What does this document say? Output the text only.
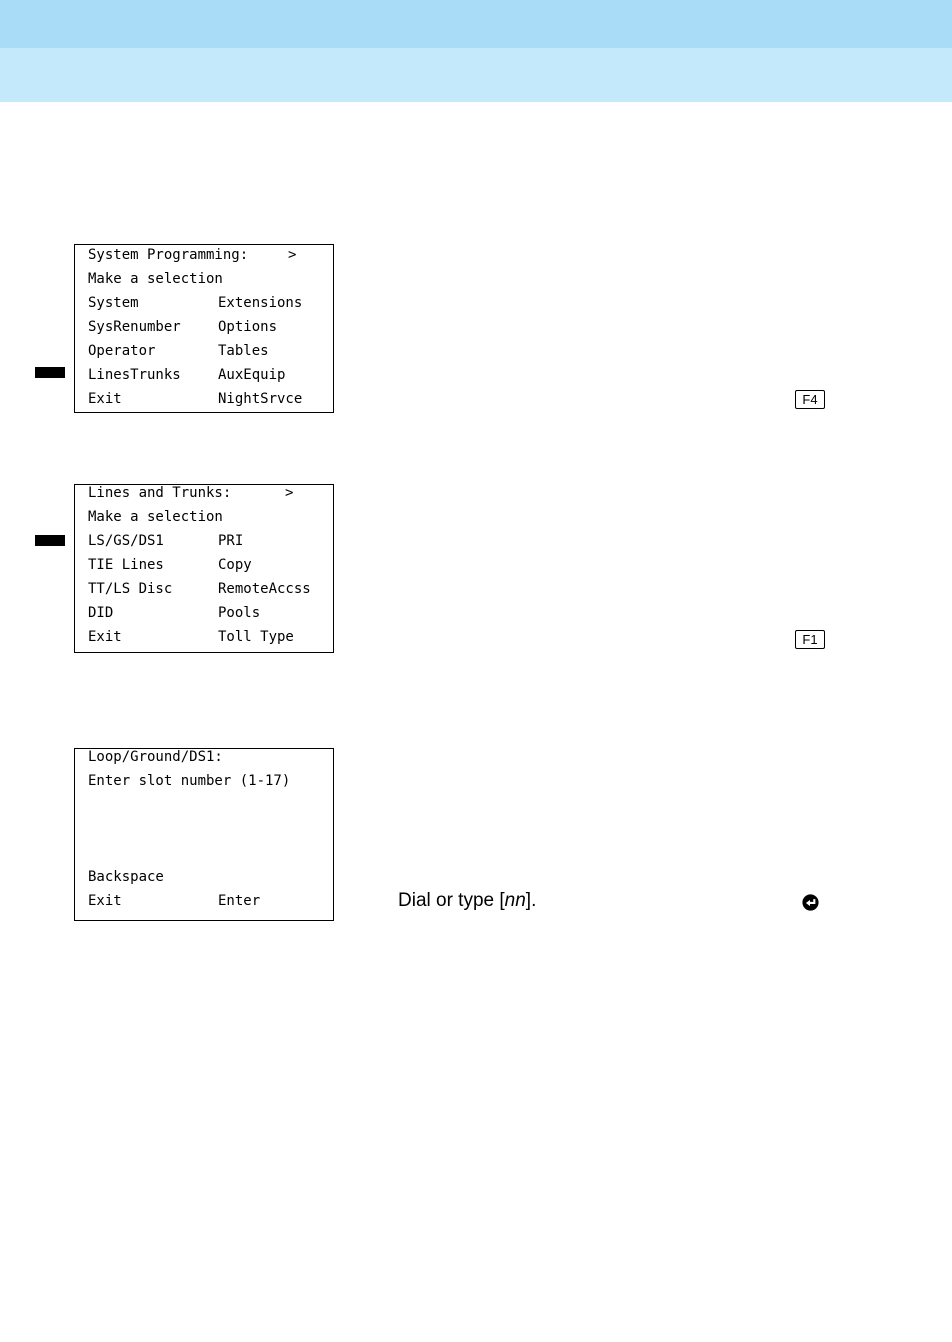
System Programming:	>
Make a selection
System	Extensions
SysRenumber	Options
Operator	Tables
LinesTrunks	AuxEquip
Exit	NightSrvce	F4
Lines and Trunks:	>
Make a selection
LS/GS/DS1	PRI
TIE Lines	Copy
TT/LS Disc	RemoteAccss
DID	Pools
Exit	Toll Type	F1
Loop/Ground/DS1:
Enter slot number (1-17)
Backspace
Exit	Enter	Dial or type [nn].
